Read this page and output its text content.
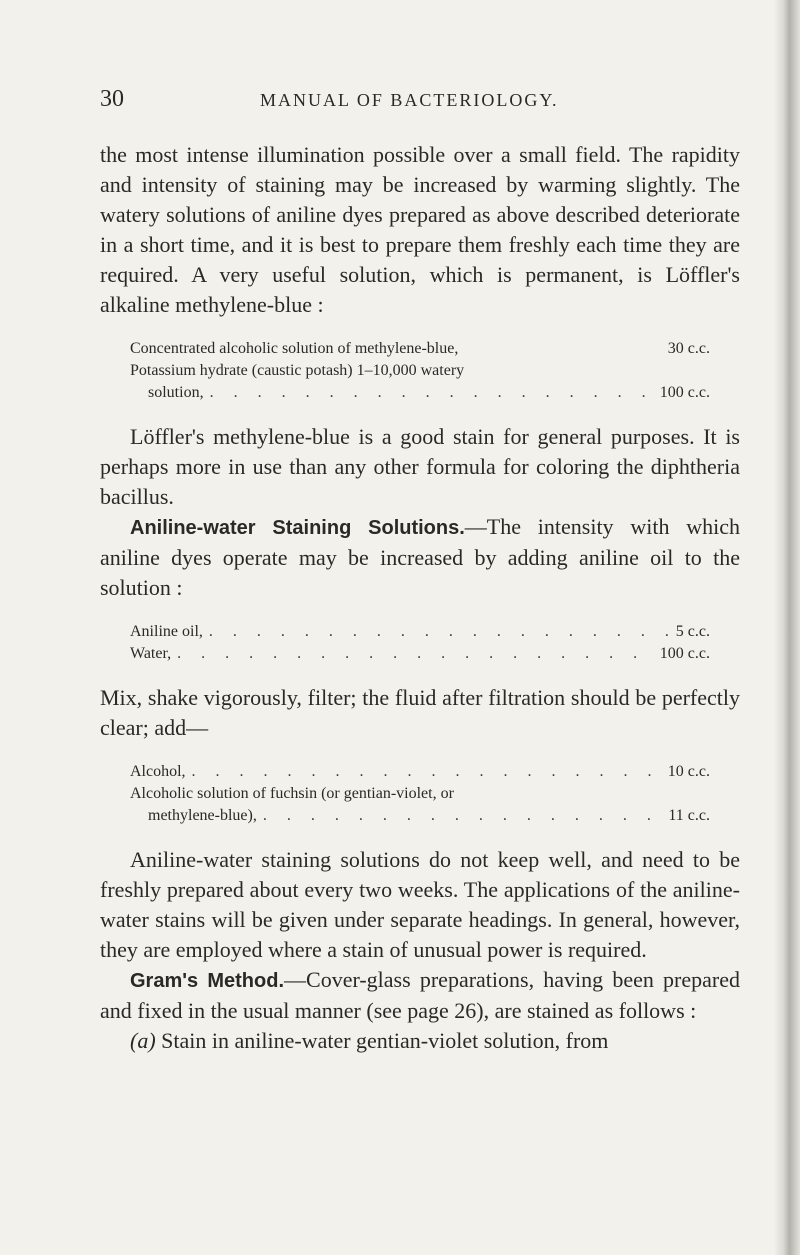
30	MANUAL OF BACTERIOLOGY.

the most intense illumination possible over a small field. The rapidity and intensity of staining may be increased by warming slightly. The watery solutions of aniline dyes prepared as above described deteriorate in a short time, and it is best to prepare them freshly each time they are required. A very useful solution, which is permanent, is Löffler's alkaline methylene-blue :

Concentrated alcoholic solution of methylene-blue,	30 c.c.
Potassium hydrate (caustic potash) 1–10,000 watery
solution, . . .	100 c.c.

Löffler's methylene-blue is a good stain for general purposes. It is perhaps more in use than any other formula for coloring the diphtheria bacillus.

Aniline-water Staining Solutions.—The intensity with which aniline dyes operate may be increased by adding aniline oil to the solution :

Aniline oil, . . .	5 c.c.
Water, . . .	100 c.c.

Mix, shake vigorously, filter; the fluid after filtration should be perfectly clear; add—

Alcohol, . . .	10 c.c.
Alcoholic solution of fuchsin (or gentian-violet, or
methylene-blue), . . .	11 c.c.

Aniline-water staining solutions do not keep well, and need to be freshly prepared about every two weeks. The applications of the aniline-water stains will be given under separate headings. In general, however, they are employed where a stain of unusual power is required.

Gram's Method.—Cover-glass preparations, having been prepared and fixed in the usual manner (see page 26), are stained as follows :

(a) Stain in aniline-water gentian-violet solution, from
